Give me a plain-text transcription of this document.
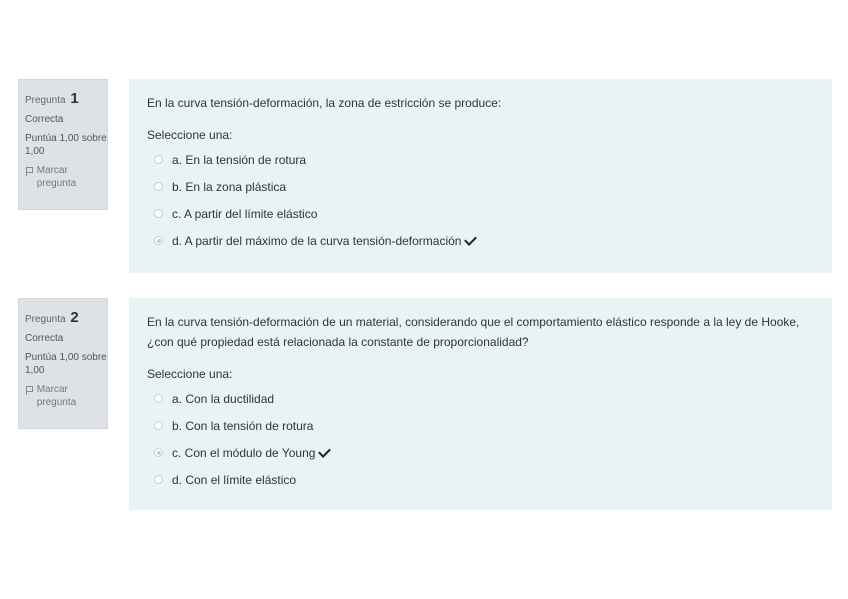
Pregunta 1
Correcta
Puntúa 1,00 sobre 1,00
Marcar pregunta
En la curva tensión-deformación, la zona de estricción se produce:
Seleccione una:
a. En la tensión de rotura
b. En la zona plástica
c. A partir del límite elástico
d. A partir del máximo de la curva tensión-deformación
Pregunta 2
Correcta
Puntúa 1,00 sobre 1,00
Marcar pregunta
En la curva tensión-deformación de un material, considerando que el comportamiento elástico responde a la ley de Hooke, ¿con qué propiedad está relacionada la constante de proporcionalidad?
Seleccione una:
a. Con la ductilidad
b. Con la tensión de rotura
c. Con el módulo de Young
d. Con el límite elástico
